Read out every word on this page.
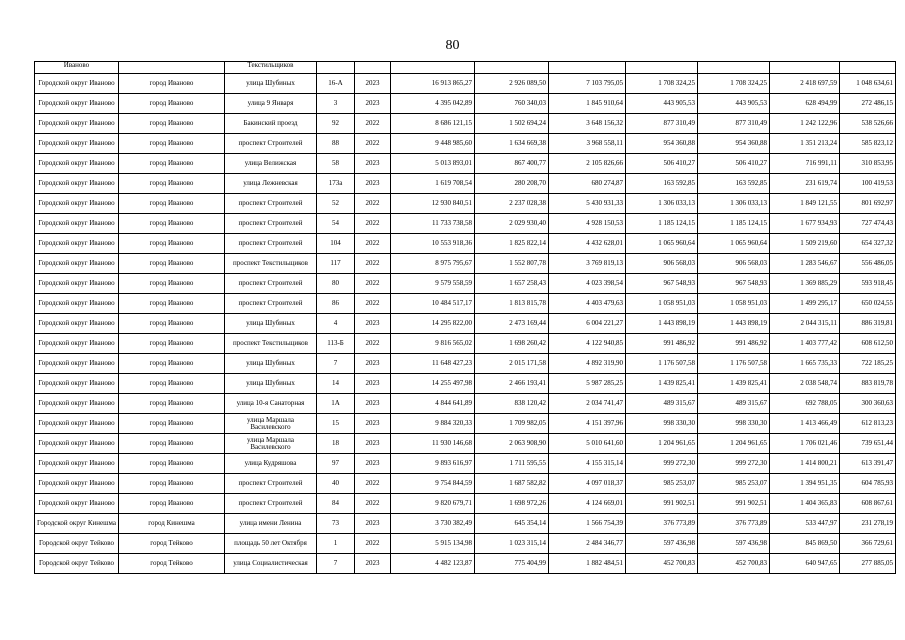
80
Иваново		Текстильщиков									
Городской округ Иваново	город Иваново	улица Шубиных	16-А	2023	16 913 865,27	2 926 089,50	7 103 795,05	1 708 324,25	1 708 324,25	2 418 697,59	1 048 634,61
Городской округ Иваново	город Иваново	улица 9 Января	3	2023	4 395 042,89	760 340,03	1 845 910,64	443 905,53	443 905,53	628 494,99	272 486,15
Городской округ Иваново	город Иваново	Бакинский проезд	92	2022	8 686 121,15	1 502 694,24	3 648 156,32	877 310,49	877 310,49	1 242 122,96	538 526,66
Городской округ Иваново	город Иваново	проспект Строителей	88	2022	9 448 985,60	1 634 669,38	3 968 558,11	954 360,88	954 360,88	1 351 213,24	585 823,12
Городской округ Иваново	город Иваново	улица Велижская	58	2023	5 013 893,01	867 400,77	2 105 826,66	506 410,27	506 410,27	716 991,11	310 853,95
Городской округ Иваново	город Иваново	улица Лежневская	173а	2023	1 619 708,54	280 208,70	680 274,87	163 592,85	163 592,85	231 619,74	100 419,53
Городской округ Иваново	город Иваново	проспект Строителей	52	2022	12 930 840,51	2 237 028,38	5 430 931,33	1 306 033,13	1 306 033,13	1 849 121,55	801 692,97
Городской округ Иваново	город Иваново	проспект Строителей	54	2022	11 733 738,58	2 029 930,40	4 928 150,53	1 185 124,15	1 185 124,15	1 677 934,93	727 474,43
Городской округ Иваново	город Иваново	проспект Строителей	104	2022	10 553 918,36	1 825 822,14	4 432 628,01	1 065 960,64	1 065 960,64	1 509 219,60	654 327,32
Городской округ Иваново	город Иваново	проспект Текстильщиков	117	2022	8 975 795,67	1 552 807,78	3 769 819,13	906 568,03	906 568,03	1 283 546,67	556 486,05
Городской округ Иваново	город Иваново	проспект Строителей	80	2022	9 579 558,59	1 657 258,43	4 023 398,54	967 548,93	967 548,93	1 369 885,29	593 918,45
Городской округ Иваново	город Иваново	проспект Строителей	86	2022	10 484 517,17	1 813 815,78	4 403 479,63	1 058 951,03	1 058 951,03	1 499 295,17	650 024,55
Городской округ Иваново	город Иваново	улица Шубиных	4	2023	14 295 822,00	2 473 169,44	6 004 221,27	1 443 898,19	1 443 898,19	2 044 315,11	886 319,81
Городской округ Иваново	город Иваново	проспект Текстильщиков	113-Б	2022	9 816 565,02	1 698 260,42	4 122 940,85	991 486,92	991 486,92	1 403 777,42	608 612,50
Городской округ Иваново	город Иваново	улица Шубиных	7	2023	11 648 427,23	2 015 171,58	4 892 319,90	1 176 507,58	1 176 507,58	1 665 735,33	722 185,25
Городской округ Иваново	город Иваново	улица Шубиных	14	2023	14 255 497,98	2 466 193,41	5 987 285,25	1 439 825,41	1 439 825,41	2 038 548,74	883 819,78
Городской округ Иваново	город Иваново	улица 10-я Санаторная	1А	2023	4 844 641,89	838 120,42	2 034 741,47	489 315,67	489 315,67	692 788,05	300 360,63
Городской округ Иваново	город Иваново	улица Маршала Василевского	15	2023	9 884 320,33	1 709 982,05	4 151 397,96	998 330,30	998 330,30	1 413 466,49	612 813,23
Городской округ Иваново	город Иваново	улица Маршала Василевского	18	2023	11 930 146,68	2 063 908,90	5 010 641,60	1 204 961,65	1 204 961,65	1 706 021,46	739 651,44
Городской округ Иваново	город Иваново	улица Кудряшова	97	2023	9 893 616,97	1 711 595,55	4 155 315,14	999 272,30	999 272,30	1 414 800,21	613 391,47
Городской округ Иваново	город Иваново	проспект Строителей	40	2022	9 754 844,59	1 687 582,82	4 097 018,37	985 253,07	985 253,07	1 394 951,35	604 785,93
Городской округ Иваново	город Иваново	проспект Строителей	84	2022	9 820 679,71	1 698 972,26	4 124 669,01	991 902,51	991 902,51	1 404 365,83	608 867,61
Городской округ Кинешма	город Кинешма	улица имени Ленина	73	2023	3 730 382,49	645 354,14	1 566 754,39	376 773,89	376 773,89	533 447,97	231 278,19
Городской округ Тейково	город Тейково	площадь 50 лет Октября	1	2022	5 915 134,98	1 023 315,14	2 484 346,77	597 436,98	597 436,98	845 869,50	366 729,61
Городской округ Тейково	город Тейково	улица Социалистическая	7	2023	4 482 123,87	775 404,99	1 882 484,51	452 700,83	452 700,83	640 947,65	277 885,05
